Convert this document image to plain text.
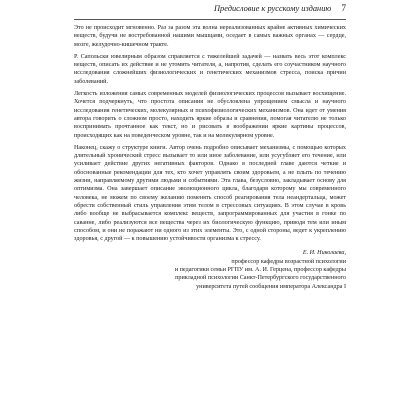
Предисловие к русскому изданию 7

Это не происходит мгновенно. Раз за разом эта волна нереализованных крайне активных химических веществ, будучи не востребованной нашими мышцами, оседает в самых важных органах — сердце, мозге, желудочно-кишечном тракте.

Р. Сапольски ювелирным образом справляется с тяжелейшей задачей — назвать весь этот комплекс веществ, описать их действие и не утомить читателя, а, напротив, сделать его соучастником научного исследования сложнейших физиологических и генетических механизмов стресса, поиска причин заболеваний.

Легкость изложения самых современных моделей физиологических процессов вызывает восхищение. Хочется подчеркнуть, что простота описания не обусловлена упрощением смысла и научного исследования генетических, молекулярных и психофизиологических механизмов. Она идет от умения автора говорить о сложном просто, находить яркие образы и сравнения, помогая читателю не только воспринимать прочтанное как текст, но и рисовать в воображении яркие картины процессов, происходящих как на поведенческом уровне, так и на молекулярном уровне.

Наконец, скажу о структуре книги. Автор очень подробно описывает механизмы, с помощью которых длительный хронический стресс вызывает то или иное заболевание, или усугубляет его течение, или усиливает действие других негативных факторов. Однако в последней главе даются четкие и обоснованные рекомендации для тех, кто хочет управлять своим здоровьем, а не плыть по течению жизни, направляемому другими людьми и событиями. Эта глава, безусловно, закладывает основу для оптимизма. Она завершает описание эволюционного цикла, благодаря которому мы современного человека, не можем по своему желанию поменять способ реагирования тела неандертальца, может обрести собственный стиль управления этим телом в стрессовых ситуациях. В этом случае в кровь либо вообще не выбрасывается комплекс веществ, запрограммированных для участия в гонке по саванне, либо реализуются все вещества через их биологическую функцию, приводя тем или иным способом, и они не поражают ни одного из этих элементы. Это, с одной стороны, ведет к укреплению здоровья, с другой — к повышению устойчивости организма к стрессу.

Е. И. Николаева,
профессор кафедры возрастной психологии
и педагогики семьи РГПУ им. А. И. Герцена, профессор кафедры
прикладной психологии Санкт-Петербургского государственного
университета путей сообщения императора Александра I
